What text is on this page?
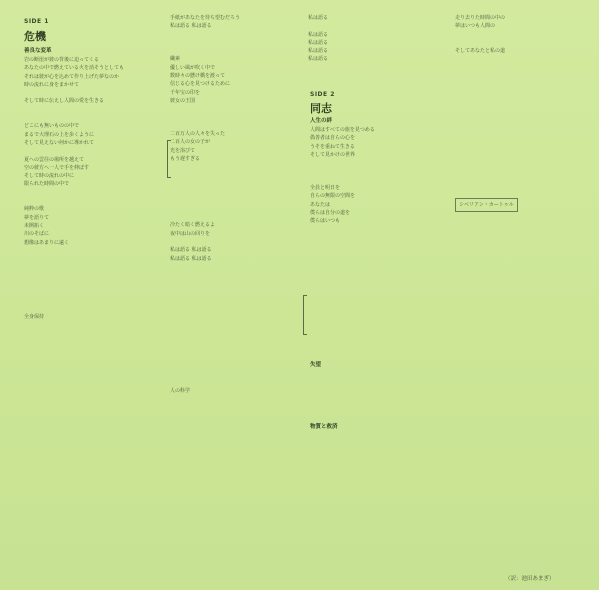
SIDE 1
危機
善良な変革
岩の断崖が彼の背後に迫ってくる
あなたの中で燃えている火を消そうとしても
それは彼が心を込めて作り上げた夢なのか
時の流れに身をまかせて

そして時に伝えし人間の愛を生きる

どこにも無いものの中で
まるで大理石の上を歩くように
そして見えない何かに導かれて

夏への雲往の場所を越えて
空の彼方へ一人で手を伸ばす
そして時の流れの中に
限られた時間の中で

純粋の歌
夢を語りて
未開拓く
川のそばに
想像はあまりに遠く

全身保持

手紙があなたを待ち望むだろう
私は語る 私は語る

繊素
優しい風が吹く中で
数時々の懸け橋を渡って
信じる心を見つけるために
千年宝の印を
彼女の王国

二百万人の人々を失った
二百人の女の子が
光を浴びて
もう遅すぎる

冷たく暗く燃えるよ
夜中は山の回りを

私は語る 私は語る
私は語る 私は語る

人の科学

私は語る

私は語る
私は語る
私は語る
私は語る

SIDE 2
同志
人生の絆
人間はすべての旅を見つめる
偽善者は自らの心を
うそを重ねて生きる
そして見かけの世界

全員と明日を
自らの無限の空間を
あなたは
僕らは自分の道を
僕らはいつも

失望
物質と救済
走り去りた時間の中の
夢はいつも人間の

そしてあなたと私の道

シベリアン・カートゥル
（訳：池田あまぎ）
